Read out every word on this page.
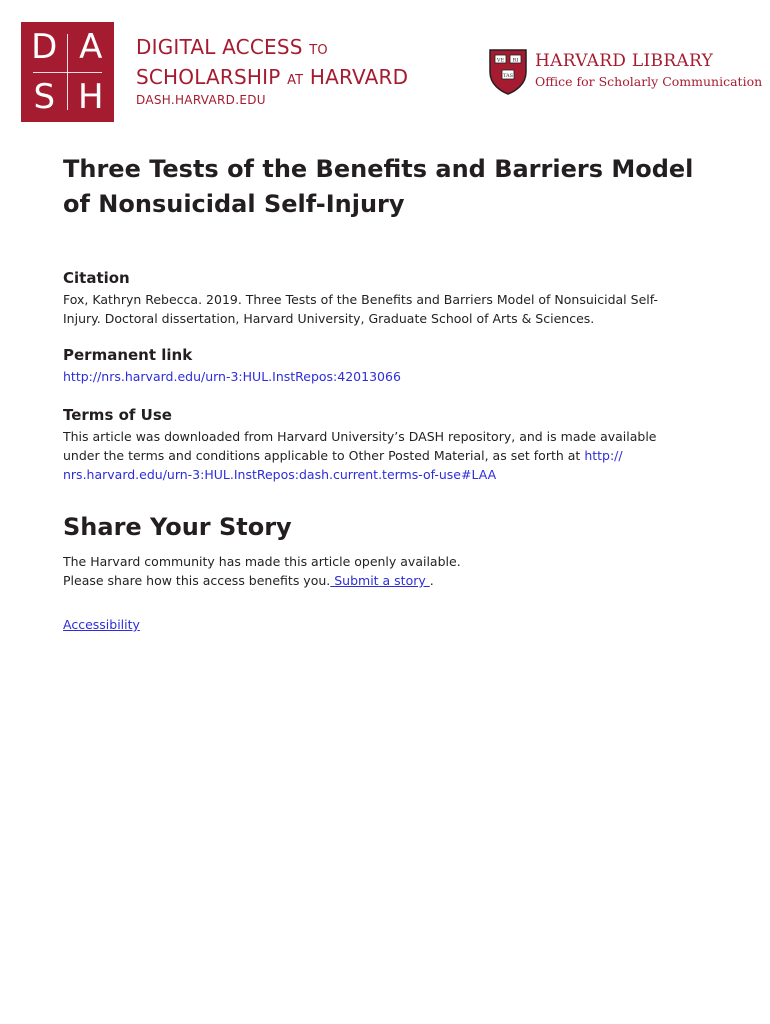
D A
S H
DIGITAL ACCESS TO
SCHOLARSHIP AT HARVARD
DASH.HARVARD.EDU
VE RI
TAS
HARVARD LIBRARY
Office for Scholarly Communication
Three Tests of the Benefits and Barriers Model of Nonsuicidal Self-Injury

Citation

Fox, Kathryn Rebecca. 2019. Three Tests of the Benefits and Barriers Model of Nonsuicidal Self-

Injury. Doctoral dissertation, Harvard University, Graduate School of Arts & Sciences.

Permanent link

http://nrs.harvard.edu/urn-3:HUL.InstRepos:42013066

Terms of Use

This article was downloaded from Harvard University’s DASH repository, and is made available

under the terms and conditions applicable to Other Posted Material, as set forth at http://

nrs.harvard.edu/urn-3:HUL.InstRepos:dash.current.terms-of-use#LAA

Share Your Story

The Harvard community has made this article openly available.

Please share how this access benefits you. Submit a story .

Accessibility
